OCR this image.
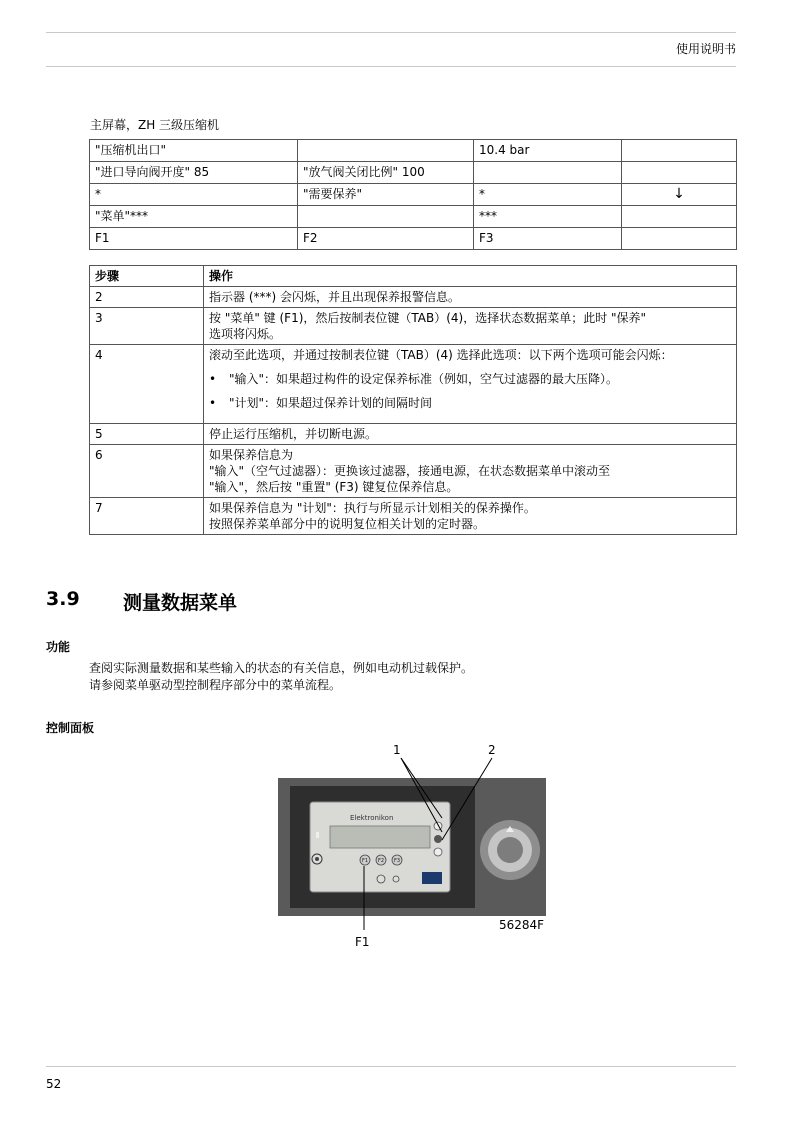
使用说明书
主屏幕，ZH 三级压缩机
"压缩机出口"		10.4 bar	
"进口导向阀开度" 85	"放气阀关闭比例" 100		
*	"需要保养"	*	↓
"菜单"***		***	
F1	F2	F3	
步骤	操作
2	指示器 (***) 会闪烁，并且出现保养报警信息。
3	按 "菜单" 键 (F1)，然后按制表位键（TAB）(4)，选择状态数据菜单；此时 "保养"
选项将闪烁。

4	滚动至此选项，并通过按制表位键（TAB）(4) 选择此选项：以下两个选项可能会闪烁：
• "输入"：如果超过构件的设定保养标准（例如，空气过滤器的最大压降）。
• "计划"：如果超过保养计划的间隔时间

5	停止运行压缩机，并切断电源。
6	如果保养信息为
"输入"（空气过滤器）：更换该过滤器，接通电源，在状态数据菜单中滚动至
"输入"，然后按 "重置" (F3) 键复位保养信息。

7	如果保养信息为 "计划"：执行与所显示计划相关的保养操作。
按照保养菜单部分中的说明复位相关计划的定时器。
3.9 测量数据菜单
功能
查阅实际测量数据和某些输入的状态的有关信息，例如电动机过载保护。
请参阅菜单驱动型控制程序部分中的菜单流程。
控制面板
Elektronikon
F1 F2 F3
1	2
F1
56284F
52
